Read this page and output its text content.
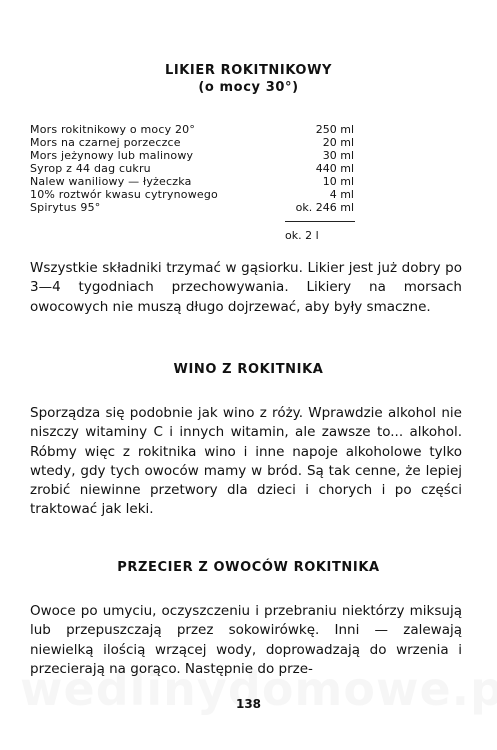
LIKIER ROKITNIKOWY
(o mocy 30°)
Mors rokitnikowy o mocy 20°	250 ml
Mors na czarnej porzeczce	20 ml
Mors jeżynowy lub malinowy	30 ml
Syrop z 44 dag cukru	440 ml
Nalew waniliowy — łyżeczka	10 ml
10% roztwór kwasu cytrynowego	4 ml
Spirytus 95°	ok. 246 ml
ok. 2 l

Wszystkie składniki trzymać w gąsiorku. Likier jest już dobry po 3—4 tygodniach przechowywania. Likiery na morsach owocowych nie muszą długo dojrzewać, aby były smaczne.

WINO Z ROKITNIKA

Sporządza się podobnie jak wino z róży. Wprawdzie alkohol nie niszczy witaminy C i innych witamin, ale zawsze to... alkohol. Róbmy więc z rokitnika wino i inne napoje alkoholowe tylko wtedy, gdy tych owoców mamy w bród. Są tak cenne, że lepiej zrobić niewinne przetwory dla dzieci i chorych i po części traktować jak leki.

PRZECIER Z OWOCÓW ROKITNIKA

Owoce po umyciu, oczyszczeniu i przebraniu niektórzy miksują lub przepuszczają przez sokowirówkę. Inni — zalewają niewielką ilością wrzącej wody, doprowadzają do wrzenia i przecierają na gorąco. Następnie do prze-

138
